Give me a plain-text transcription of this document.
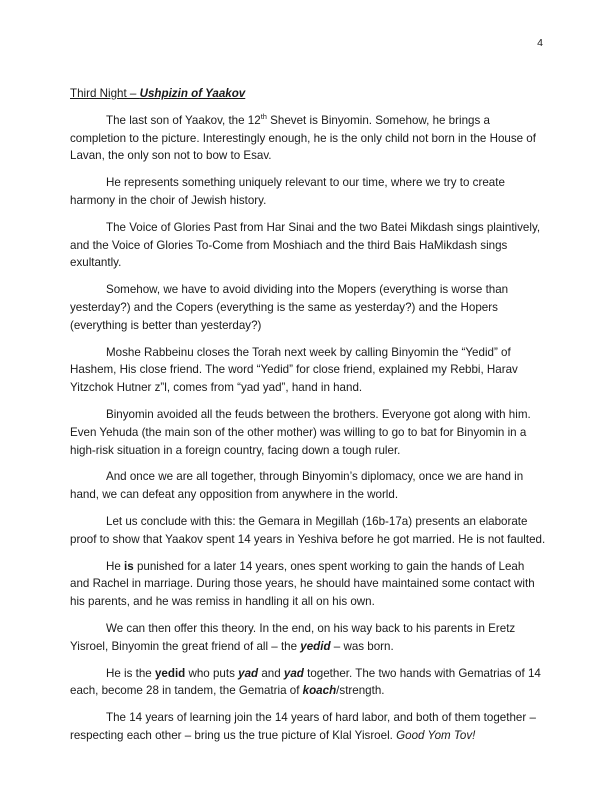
4
Third Night – Ushpizin of Yaakov

The last son of Yaakov, the 12th Shevet is Binyomin. Somehow, he brings a completion to the picture. Interestingly enough, he is the only child not born in the House of Lavan, the only son not to bow to Esav.

He represents something uniquely relevant to our time, where we try to create harmony in the choir of Jewish history.

The Voice of Glories Past from Har Sinai and the two Batei Mikdash sings plaintively, and the Voice of Glories To-Come from Moshiach and the third Bais HaMikdash sings exultantly.

Somehow, we have to avoid dividing into the Mopers (everything is worse than yesterday?) and the Copers (everything is the same as yesterday?) and the Hopers (everything is better than yesterday?)

Moshe Rabbeinu closes the Torah next week by calling Binyomin the “Yedid” of Hashem, His close friend. The word “Yedid” for close friend, explained my Rebbi, Harav Yitzchok Hutner z”l, comes from “yad yad”, hand in hand.

Binyomin avoided all the feuds between the brothers. Everyone got along with him. Even Yehuda (the main son of the other mother) was willing to go to bat for Binyomin in a high-risk situation in a foreign country, facing down a tough ruler.

And once we are all together, through Binyomin’s diplomacy, once we are hand in hand, we can defeat any opposition from anywhere in the world.

Let us conclude with this: the Gemara in Megillah (16b-17a) presents an elaborate proof to show that Yaakov spent 14 years in Yeshiva before he got married. He is not faulted.

He is punished for a later 14 years, ones spent working to gain the hands of Leah and Rachel in marriage. During those years, he should have maintained some contact with his parents, and he was remiss in handling it all on his own.

We can then offer this theory. In the end, on his way back to his parents in Eretz Yisroel, Binyomin the great friend of all – the yedid – was born.

He is the yedid who puts yad and yad together. The two hands with Gematrias of 14 each, become 28 in tandem, the Gematria of koach/strength.

The 14 years of learning join the 14 years of hard labor, and both of them together – respecting each other – bring us the true picture of Klal Yisroel. Good Yom Tov!
